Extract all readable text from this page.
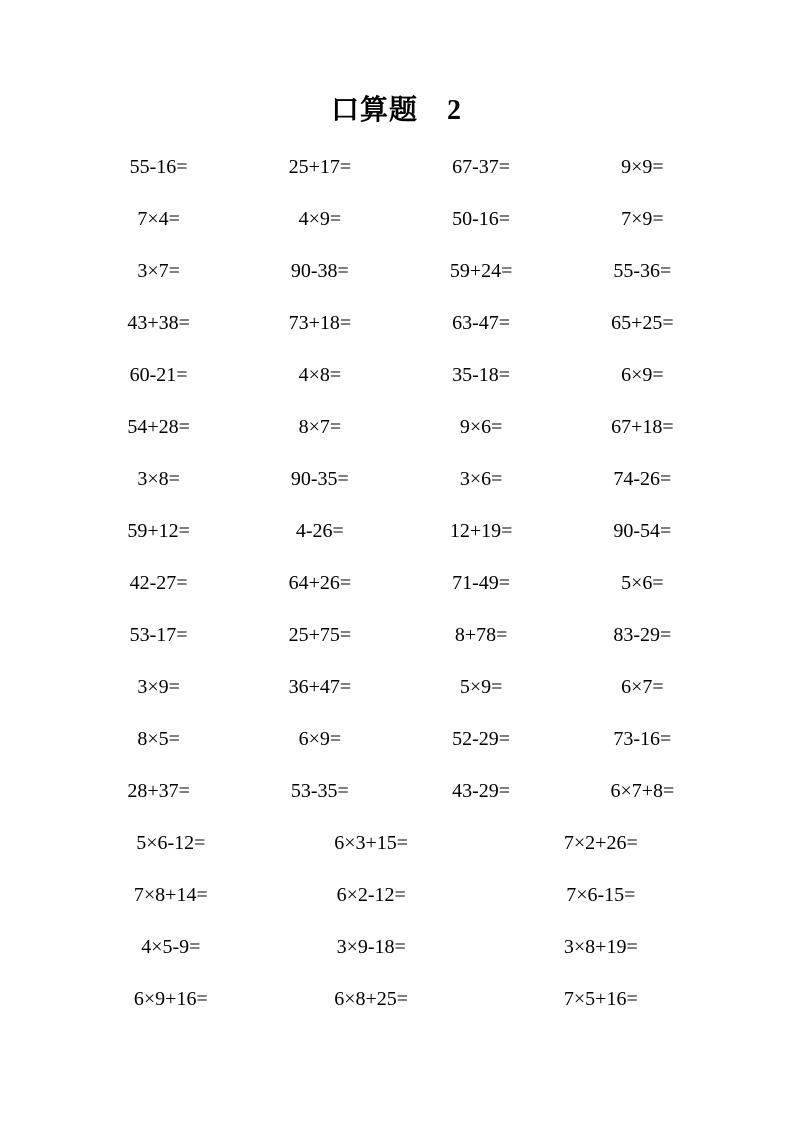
口算题　2
55-16=	25+17=	67-37=	9×9=
7×4=	4×9=	50-16=	7×9=
3×7=	90-38=	59+24=	55-36=
43+38=	73+18=	63-47=	65+25=
60-21=	4×8=	35-18=	6×9=
54+28=	8×7=	9×6=	67+18=
3×8=	90-35=	3×6=	74-26=
59+12=	4-26=	12+19=	90-54=
42-27=	64+26=	71-49=	5×6=
53-17=	25+75=	8+78=	83-29=
3×9=	36+47=	5×9=	6×7=
8×5=	6×9=	52-29=	73-16=
28+37=	53-35=	43-29=	6×7+8=
5×6-12=	6×3+15=	7×2+26=
7×8+14=	6×2-12=	7×6-15=
4×5-9=	3×9-18=	3×8+19=
6×9+16=	6×8+25=	7×5+16=
